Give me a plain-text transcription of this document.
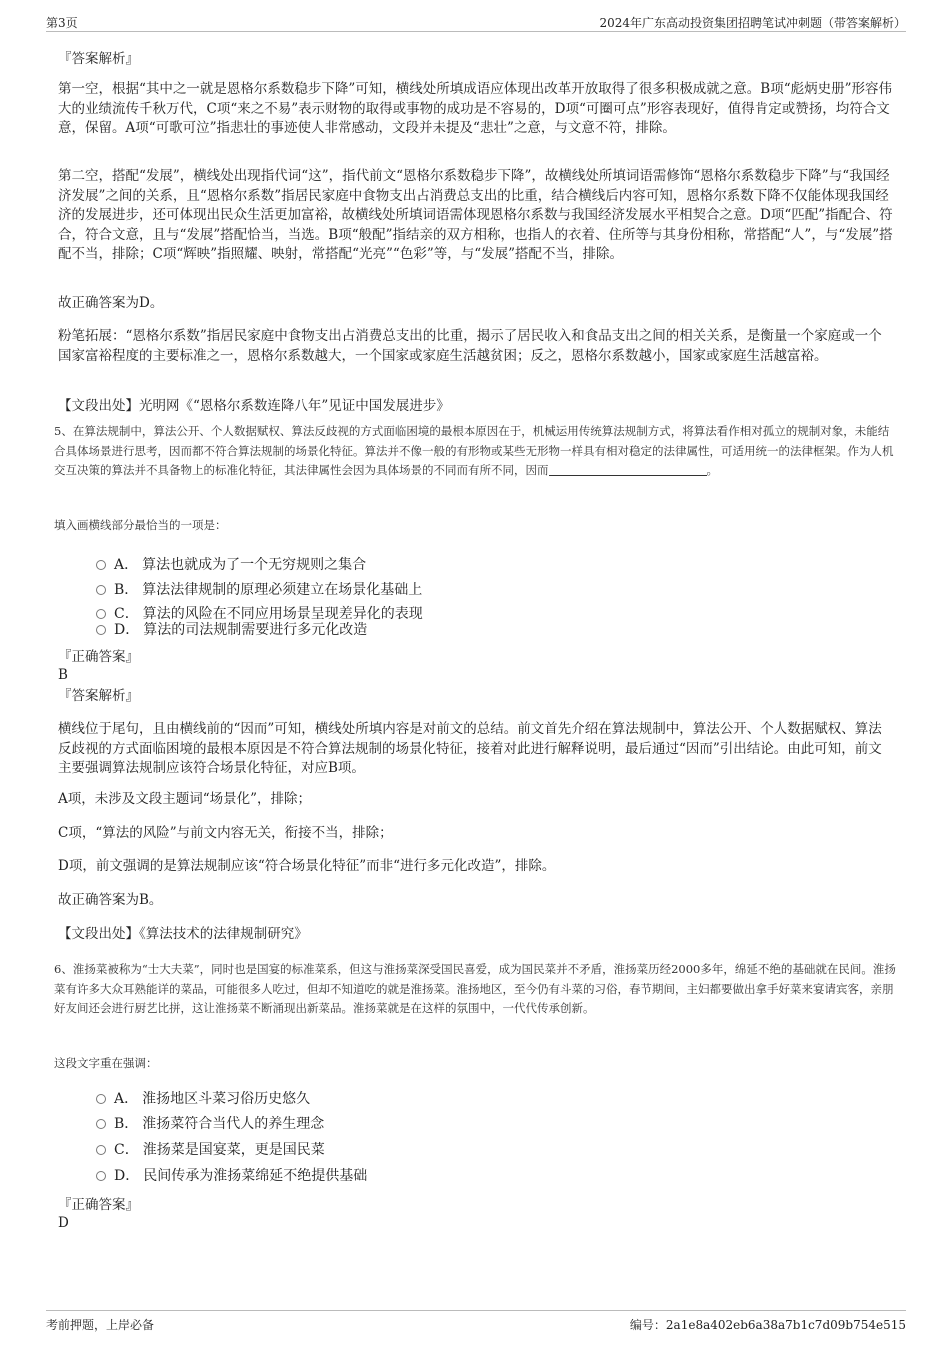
第3页	2024年广东高动投资集团招聘笔试冲刺题（带答案解析）
『答案解析』
第一空，根据“其中之一就是恩格尔系数稳步下降”可知，横线处所填成语应体现出改革开放取得了很多积极成就之意。B项“彪炳史册”形容伟大的业绩流传千秋万代，C项“来之不易”表示财物的取得或事物的成功是不容易的，D项“可圈可点”形容表现好，值得肯定或赞扬，均符合文意，保留。A项“可歌可泣”指悲壮的事迹使人非常感动，文段并未提及“悲壮”之意，与文意不符，排除。
第二空，搭配“发展”，横线处出现指代词“这”，指代前文“恩格尔系数稳步下降”，故横线处所填词语需修饰“恩格尔系数稳步下降”与“我国经济发展”之间的关系，且“恩格尔系数”指居民家庭中食物支出占消费总支出的比重，结合横线后内容可知，恩格尔系数下降不仅能体现我国经济的发展进步，还可体现出民众生活更加富裕，故横线处所填词语需体现恩格尔系数与我国经济发展水平相契合之意。D项“匹配”指配合、符合，符合文意，且与“发展”搭配恰当，当选。B项“般配”指结亲的双方相称，也指人的衣着、住所等与其身份相称，常搭配“人”，与“发展”搭配不当，排除；C项“辉映”指照耀、映射，常搭配“光亮”“色彩”等，与“发展”搭配不当，排除。
故正确答案为D。
粉笔拓展：“恩格尔系数”指居民家庭中食物支出占消费总支出的比重，揭示了居民收入和食品支出之间的相关关系，是衡量一个家庭或一个国家富裕程度的主要标准之一，恩格尔系数越大，一个国家或家庭生活越贫困；反之，恩格尔系数越小，国家或家庭生活越富裕。
【文段出处】光明网《“恩格尔系数连降八年”见证中国发展进步》
5、在算法规制中，算法公开、个人数据赋权、算法反歧视的方式面临困境的最根本原因在于，机械运用传统算法规制方式，将算法看作相对孤立的规制对象，未能结合具体场景进行思考，因而都不符合算法规制的场景化特征。算法并不像一般的有形物或某些无形物一样具有相对稳定的法律属性，可适用统一的法律框架。作为人机交互决策的算法并不具备物上的标准化特征，其法律属性会因为具体场景的不同而有所不同，因而	。
填入画横线部分最恰当的一项是：
A． 算法也就成为了一个无穷规则之集合
B． 算法法律规制的原理必须建立在场景化基础上
C． 算法的风险在不同应用场景呈现差异化的表现
D． 算法的司法规制需要进行多元化改造
『正确答案』
B
『答案解析』
横线位于尾句，且由横线前的“因而”可知，横线处所填内容是对前文的总结。前文首先介绍在算法规制中，算法公开、个人数据赋权、算法反歧视的方式面临困境的最根本原因是不符合算法规制的场景化特征，接着对此进行解释说明，最后通过“因而”引出结论。由此可知，前文主要强调算法规制应该符合场景化特征，对应B项。
A项，未涉及文段主题词“场景化”，排除；
C项，“算法的风险”与前文内容无关，衔接不当，排除；
D项，前文强调的是算法规制应该“符合场景化特征”而非“进行多元化改造”，排除。
故正确答案为B。
【文段出处】《算法技术的法律规制研究》
6、淮扬菜被称为“士大夫菜”，同时也是国宴的标准菜系，但这与淮扬菜深受国民喜爱，成为国民菜并不矛盾，淮扬菜历经2000多年，绵延不绝的基础就在民间。淮扬菜有许多大众耳熟能详的菜品，可能很多人吃过，但却不知道吃的就是淮扬菜。淮扬地区，至今仍有斗菜的习俗，春节期间，主妇都要做出拿手好菜来宴请宾客，亲朋好友间还会进行厨艺比拼，这让淮扬菜不断涌现出新菜品。淮扬菜就是在这样的氛围中，一代代传承创新。
这段文字重在强调：
A． 淮扬地区斗菜习俗历史悠久
B． 淮扬菜符合当代人的养生理念
C． 淮扬菜是国宴菜，更是国民菜
D． 民间传承为淮扬菜绵延不绝提供基础
『正确答案』
D
考前押题，上岸必备	编号：2a1e8a402eb6a38a7b1c7d09b754e515
